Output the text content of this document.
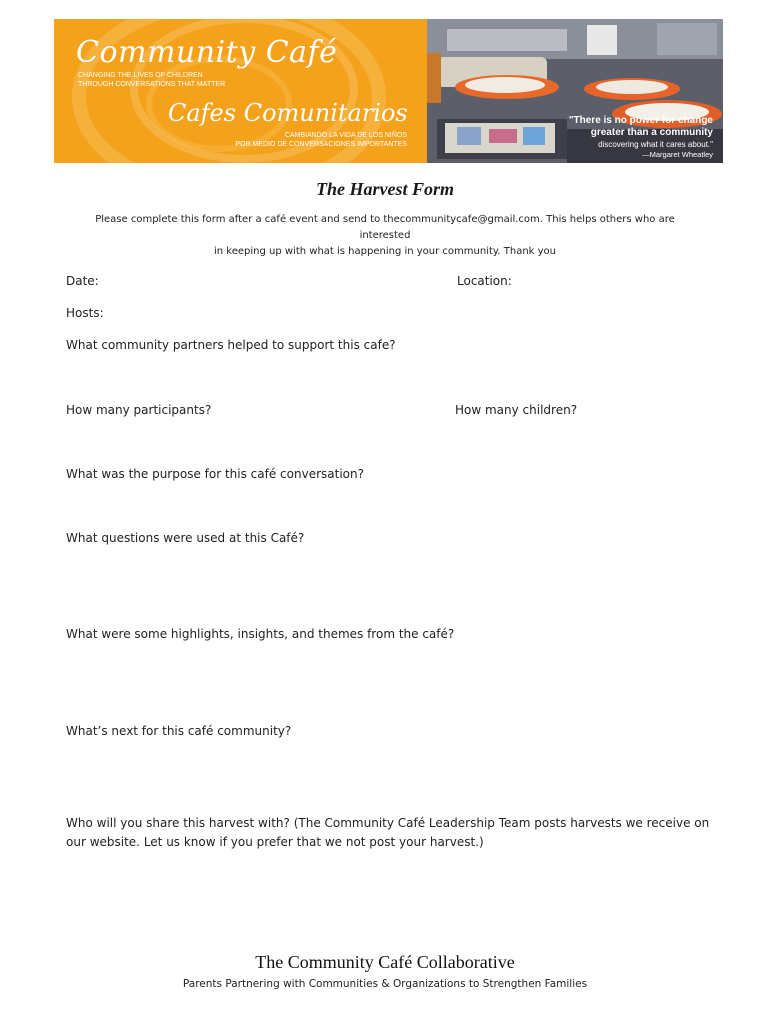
Community Café
CHANGING THE LIVES OF CHILDREN
THROUGH CONVERSATIONS THAT MATTER
Cafes Comunitarios
CAMBIANDO LA VIDA DE LOS NIÑOS
POR MEDIO DE CONVERSACIONES IMPORTANTES
"There is no power for change
greater than a community
discovering what it cares about."
—Margaret Wheatley
The Harvest Form
Please complete this form after a café event and send to thecommunitycafe@gmail.com. This helps others who are interested
in keeping up with what is happening in your community. Thank you
Date:	Location:
Hosts:
What community partners helped to support this cafe?
How many participants?	How many children?
What was the purpose for this café conversation?
What questions were used at this Café?
What were some highlights, insights, and themes from the café?
What’s next for this café community?
Who will you share this harvest with? (The Community Café Leadership Team posts harvests we receive on our website. Let us know if you prefer that we not post your harvest.)
The Community Café Collaborative
Parents Partnering with Communities & Organizations to Strengthen Families
